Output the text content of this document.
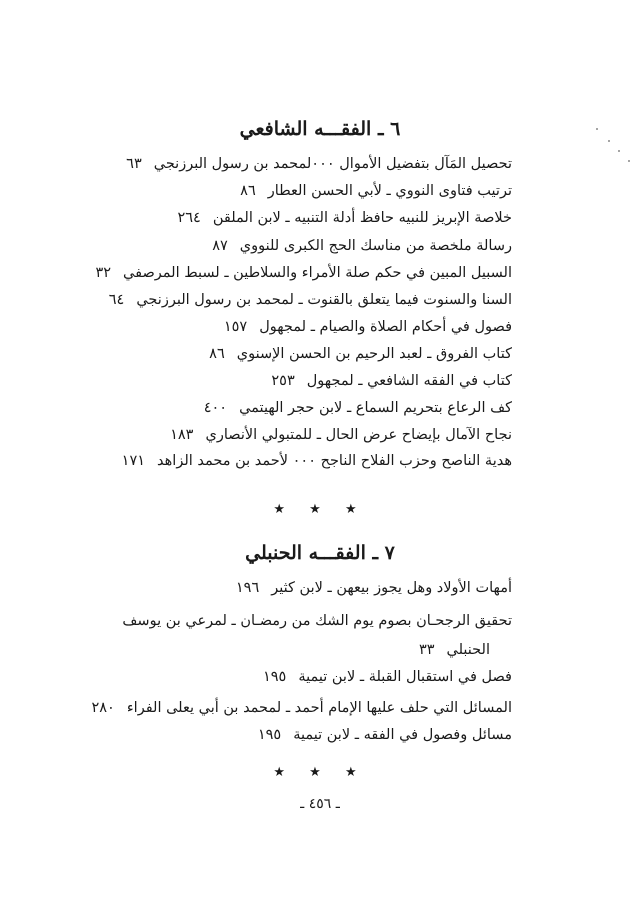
٦ ـ الفقـــه الشافعي
تحصيل المَآل بتفضيل الأموال ۰۰۰لمحمد بن رسول البرزنجي٦٣
ترتيب فتاوى النووي ـ لأبي الحسن العطار٨٦
خلاصة الإبريز للنبيه حافظ أدلة التنبيه ـ لابن الملقن٢٦٤
رسالة ملخصة من مناسك الحج الكبرى للنووي٨٧
السبيل المبين في حكم صلة الأمراء والسلاطين ـ لسبط المرصفي٣٢
السنا والسنوت فيما يتعلق بالقنوت ـ لمحمد بن رسول البرزنجي٦٤
فصول في أحكام الصلاة والصيام ـ لمجهول١٥٧
كتاب الفروق ـ لعبد الرحيم بن الحسن الإسنوي٨٦
كتاب في الفقه الشافعي ـ لمجهول٢٥٣
كف الرعاع بتحريم السماع ـ لابن حجر الهيتمي٤٠٠
نجاح الآمال بإيضاح عرض الحال ـ للمتبولي الأنصاري١٨٣
هدية الناصح وحزب الفلاح الناجح ۰۰۰ لأحمد بن محمد الزاهد١٧١
★ ★ ★
٧ ـ الفقـــه الحنبلي
أمهات الأولاد وهل يجوز بيعهن ـ لابن كثير١٩٦
تحقيق الرجحـان بصوم يوم الشك من رمضـان ـ لمرعي بن يوسف
الحنبلي٣٣
فصل في استقبال القبلة ـ لابن تيمية١٩٥
المسائل التي حلف عليها الإمام أحمد ـ لمحمد بن أبي يعلى الفراء٢٨٠
مسائل وفصول في الفقه ـ لابن تيمية١٩٥
★ ★ ★
ـ ٤٥٦ ـ
